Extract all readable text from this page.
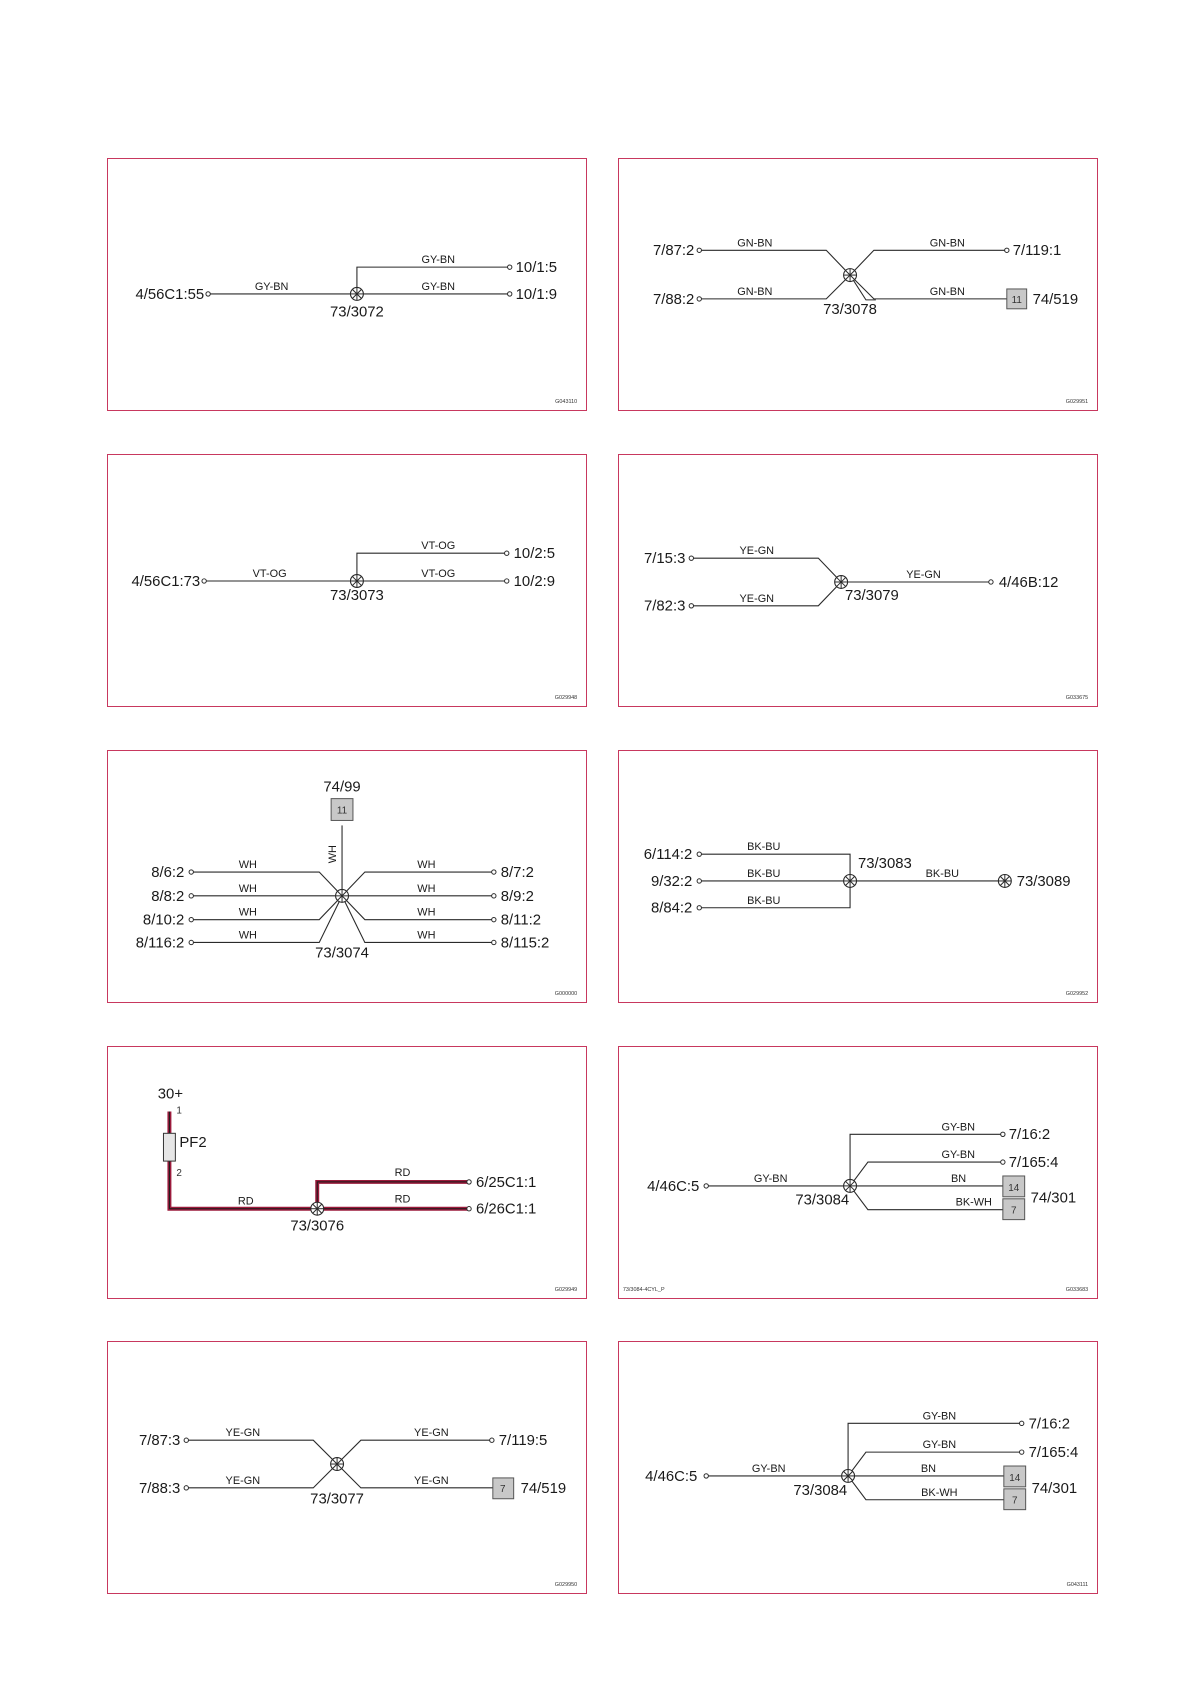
4/56C1:55	GY-BN
GY-BN
GY-BN
10/1:5
10/1:9
73/3072
G043110
11
7/87:2
7/88:2
GN-BN
GN-BN
GN-BN
GN-BN
7/119:1
74/519
73/3078
G029951
4/56C1:73	VT-OG
VT-OG
VT-OG
10/2:5
10/2:9
73/3073
G029948
7/15:3
7/82:3
YE-GN
YE-GN
YE-GN	4/46B:12
73/3079
G033675
11
74/99
WH
8/6:2
8/8:2
8/10:2
8/116:2
WH
WH
WH
WH
WH
WH
WH
WH
8/7:2
8/9:2
8/11:2
8/115:2
73/3074
G000000
6/114:2
9/32:2
8/84:2
BK-BU
BK-BU
BK-BU
73/3083
BK-BU	73/3089
G029952
30+
1
2
PF2
RD
RD
RD
6/25C1:1
6/26C1:1
73/3076
G029949
14
7
4/46C:5	GY-BN
GY-BN
GY-BN
BN
BK-WH
7/16:2
7/165:4
74/301
73/3084
73/3084-4CYL_P	G033683
7
7/87:3
7/88:3
YE-GN
YE-GN
YE-GN
YE-GN
7/119:5
74/519
73/3077
G029950
14
7
4/46C:5	GY-BN
GY-BN
GY-BN
BN
BK-WH
7/16:2
7/165:4
74/301
73/3084
G043111
